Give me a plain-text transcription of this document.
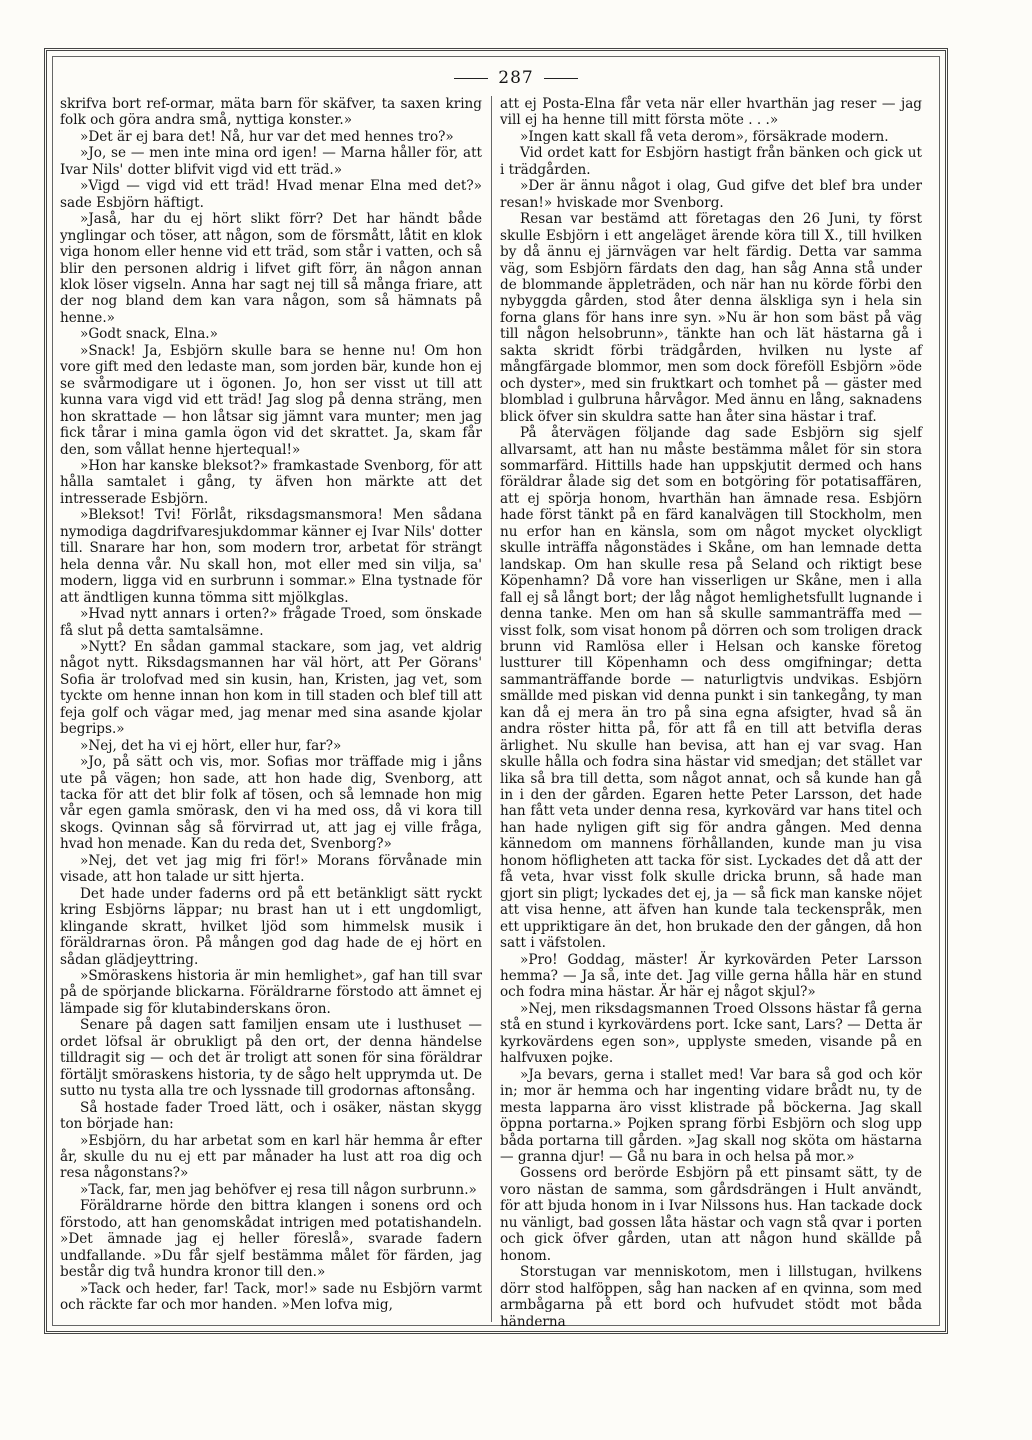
287

skrifva bort ref-ormar, mäta barn för skäfver, ta saxen kring folk och göra andra små, nyttiga konster.»

»Det är ej bara det! Nå, hur var det med hennes tro?»

»Jo, se — men inte mina ord igen! — Marna håller för, att Ivar Nils' dotter blifvit vigd vid ett träd.»

»Vigd — vigd vid ett träd! Hvad menar Elna med det?» sade Esbjörn häftigt.

»Jaså, har du ej hört slikt förr? Det har händt både ynglingar och töser, att någon, som de försmått, låtit en klok viga honom eller henne vid ett träd, som står i vatten, och så blir den personen aldrig i lifvet gift förr, än någon annan klok löser vigseln. Anna har sagt nej till så många friare, att der nog bland dem kan vara någon, som så hämnats på henne.»

»Godt snack, Elna.»

»Snack! Ja, Esbjörn skulle bara se henne nu! Om hon vore gift med den ledaste man, som jorden bär, kunde hon ej se svårmodigare ut i ögonen. Jo, hon ser visst ut till att kunna vara vigd vid ett träd! Jag slog på denna sträng, men hon skrattade — hon låtsar sig jämnt vara munter; men jag fick tårar i mina gamla ögon vid det skrattet. Ja, skam får den, som vållat henne hjertequal!»

»Hon har kanske bleksot?» framkastade Svenborg, för att hålla samtalet i gång, ty äfven hon märkte att det intresserade Esbjörn.

»Bleksot! Tvi! Förlåt, riksdagsmansmora! Men sådana nymodiga dagdrifvaresjukdommar känner ej Ivar Nils' dotter till. Snarare har hon, som modern tror, arbetat för strängt hela denna vår. Nu skall hon, mot eller med sin vilja, sa' modern, ligga vid en surbrunn i sommar.» Elna tystnade för att ändtligen kunna tömma sitt mjölkglas.

»Hvad nytt annars i orten?» frågade Troed, som önskade få slut på detta samtalsämne.

»Nytt? En sådan gammal stackare, som jag, vet aldrig något nytt. Riksdagsmannen har väl hört, att Per Görans' Sofia är trolofvad med sin kusin, han, Kristen, jag vet, som tyckte om henne innan hon kom in till staden och blef till att feja golf och vägar med, jag menar med sina asande kjolar begrips.»

»Nej, det ha vi ej hört, eller hur, far?»

»Jo, på sätt och vis, mor. Sofias mor träffade mig i jåns ute på vägen; hon sade, att hon hade dig, Svenborg, att tacka för att det blir folk af tösen, och så lemnade hon mig vår egen gamla smörask, den vi ha med oss, då vi kora till skogs. Qvinnan såg så förvirrad ut, att jag ej ville fråga, hvad hon menade. Kan du reda det, Svenborg?»

»Nej, det vet jag mig fri för!» Morans förvånade min visade, att hon talade ur sitt hjerta.

Det hade under faderns ord på ett betänkligt sätt ryckt kring Esbjörns läppar; nu brast han ut i ett ungdomligt, klingande skratt, hvilket ljöd som himmelsk musik i föräldrarnas öron. På mången god dag hade de ej hört en sådan glädjeyttring.

»Smöraskens historia är min hemlighet», gaf han till svar på de spörjande blickarna. Föräldrarne förstodo att ämnet ej lämpade sig för klutabinderskans öron.

Senare på dagen satt familjen ensam ute i lusthuset — ordet löfsal är obrukligt på den ort, der denna händelse tilldragit sig — och det är troligt att sonen för sina föräldrar förtäljt smöraskens historia, ty de sågo helt upprymda ut. De sutto nu tysta alla tre och lyssnade till grodornas aftonsång.

Så hostade fader Troed lätt, och i osäker, nästan skygg ton började han:

»Esbjörn, du har arbetat som en karl här hemma år efter år, skulle du nu ej ett par månader ha lust att roa dig och resa någonstans?»

»Tack, far, men jag behöfver ej resa till någon surbrunn.»

Föräldrarne hörde den bittra klangen i sonens ord och förstodo, att han genomskådat intrigen med potatishandeln. »Det ämnade jag ej heller föreslå», svarade fadern undfallande. »Du får sjelf bestämma målet för färden, jag består dig två hundra kronor till den.»

»Tack och heder, far! Tack, mor!» sade nu Esbjörn varmt och räckte far och mor handen. »Men lofva mig,

att ej Posta-Elna får veta när eller hvarthän jag reser — jag vill ej ha henne till mitt första möte . . .»

»Ingen katt skall få veta derom», försäkrade modern.

Vid ordet katt for Esbjörn hastigt från bänken och gick ut i trädgården.

»Der är ännu något i olag, Gud gifve det blef bra under resan!» hviskade mor Svenborg.

Resan var bestämd att företagas den 26 Juni, ty först skulle Esbjörn i ett angeläget ärende köra till X., till hvilken by då ännu ej järnvägen var helt färdig. Detta var samma väg, som Esbjörn färdats den dag, han såg Anna stå under de blommande äppleträden, och när han nu körde förbi den nybyggda gården, stod åter denna älskliga syn i hela sin forna glans för hans inre syn. »Nu är hon som bäst på väg till någon helsobrunn», tänkte han och lät hästarna gå i sakta skridt förbi trädgården, hvilken nu lyste af mångfärgade blommor, men som dock föreföll Esbjörn »öde och dyster», med sin fruktkart och tomhet på — gäster med blomblad i gulbruna hårvågor. Med ännu en lång, saknadens blick öfver sin skuldra satte han åter sina hästar i traf.

På återvägen följande dag sade Esbjörn sig sjelf allvarsamt, att han nu måste bestämma målet för sin stora sommarfärd. Hittills hade han uppskjutit dermed och hans föräldrar ålade sig det som en botgöring för potatisaffären, att ej spörja honom, hvarthän han ämnade resa. Esbjörn hade först tänkt på en färd kanalvägen till Stockholm, men nu erfor han en känsla, som om något mycket olyckligt skulle inträffa någonstädes i Skåne, om han lemnade detta landskap. Om han skulle resa på Seland och riktigt bese Köpenhamn? Då vore han visserligen ur Skåne, men i alla fall ej så långt bort; der låg något hemlighetsfullt lugnande i denna tanke. Men om han så skulle sammanträffa med — visst folk, som visat honom på dörren och som troligen drack brunn vid Ramlösa eller i Helsan och kanske företog lustturer till Köpenhamn och dess omgifningar; detta sammanträffande borde — naturligtvis undvikas. Esbjörn smällde med piskan vid denna punkt i sin tankegång, ty man kan då ej mera än tro på sina egna afsigter, hvad så än andra röster hitta på, för att få en till att betvifla deras ärlighet. Nu skulle han bevisa, att han ej var svag. Han skulle hålla och fodra sina hästar vid smedjan; det stället var lika så bra till detta, som något annat, och så kunde han gå in i den der gården. Egaren hette Peter Larsson, det hade han fått veta under denna resa, kyrkovärd var hans titel och han hade nyligen gift sig för andra gången. Med denna kännedom om mannens förhållanden, kunde man ju visa honom höfligheten att tacka för sist. Lyckades det då att der få veta, hvar visst folk skulle dricka brunn, så hade man gjort sin pligt; lyckades det ej, ja — så fick man kanske nöjet att visa henne, att äfven han kunde tala teckenspråk, men ett uppriktigare än det, hon brukade den der gången, då hon satt i väfstolen.

»Pro! Goddag, mäster! Är kyrkovärden Peter Larsson hemma? — Ja så, inte det. Jag ville gerna hålla här en stund och fodra mina hästar. Är här ej något skjul?»

»Nej, men riksdagsmannen Troed Olssons hästar få gerna stå en stund i kyrkovärdens port. Icke sant, Lars? — Detta är kyrkovärdens egen son», upplyste smeden, visande på en halfvuxen pojke.

»Ja bevars, gerna i stallet med! Var bara så god och kör in; mor är hemma och har ingenting vidare brådt nu, ty de mesta lapparna äro visst klistrade på böckerna. Jag skall öppna portarna.» Pojken sprang förbi Esbjörn och slog upp båda portarna till gården. »Jag skall nog sköta om hästarna — granna djur! — Gå nu bara in och helsa på mor.»

Gossens ord berörde Esbjörn på ett pinsamt sätt, ty de voro nästan de samma, som gårdsdrängen i Hult användt, för att bjuda honom in i Ivar Nilssons hus. Han tackade dock nu vänligt, bad gossen låta hästar och vagn stå qvar i porten och gick öfver gården, utan att någon hund skällde på honom.

Storstugan var menniskotom, men i lillstugan, hvilkens dörr stod halföppen, såg han nacken af en qvinna, som med armbågarna på ett bord och hufvudet stödt mot båda händerna
